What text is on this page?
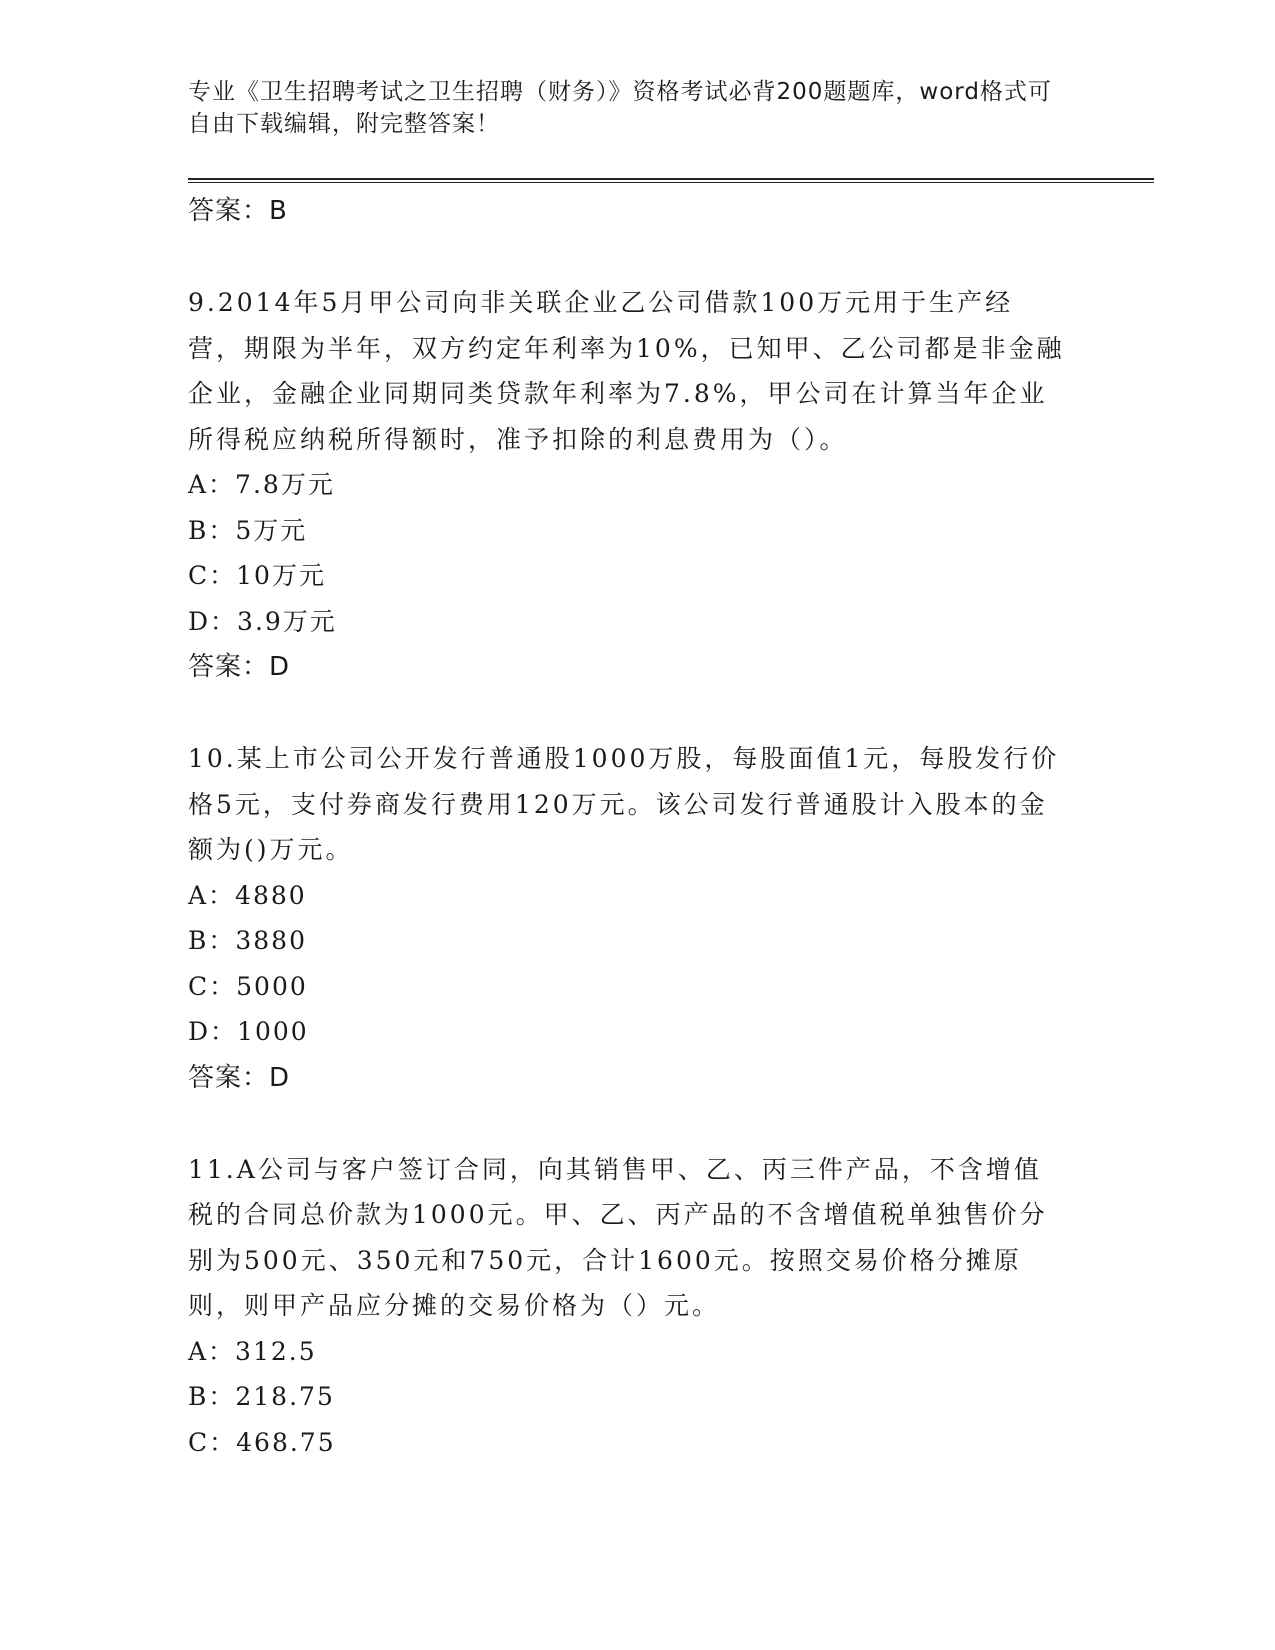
专业《卫生招聘考试之卫生招聘（财务）》资格考试必背200题题库，word格式可自由下载编辑，附完整答案！
答案：B
9.2014年5月甲公司向非关联企业乙公司借款100万元用于生产经营，期限为半年，双方约定年利率为10%，已知甲、乙公司都是非金融企业，金融企业同期同类贷款年利率为7.8%，甲公司在计算当年企业所得税应纳税所得额时，准予扣除的利息费用为（）。
A：7.8万元
B：5万元
C：10万元
D：3.9万元
答案：D
10.某上市公司公开发行普通股1000万股，每股面值1元，每股发行价格5元，支付券商发行费用120万元。该公司发行普通股计入股本的金额为()万元。
A：4880
B：3880
C：5000
D：1000
答案：D
11.A公司与客户签订合同，向其销售甲、乙、丙三件产品，不含增值税的合同总价款为1000元。甲、乙、丙产品的不含增值税单独售价分别为500元、350元和750元，合计1600元。按照交易价格分摊原则，则甲产品应分摊的交易价格为（）元。
A：312.5
B：218.75
C：468.75
